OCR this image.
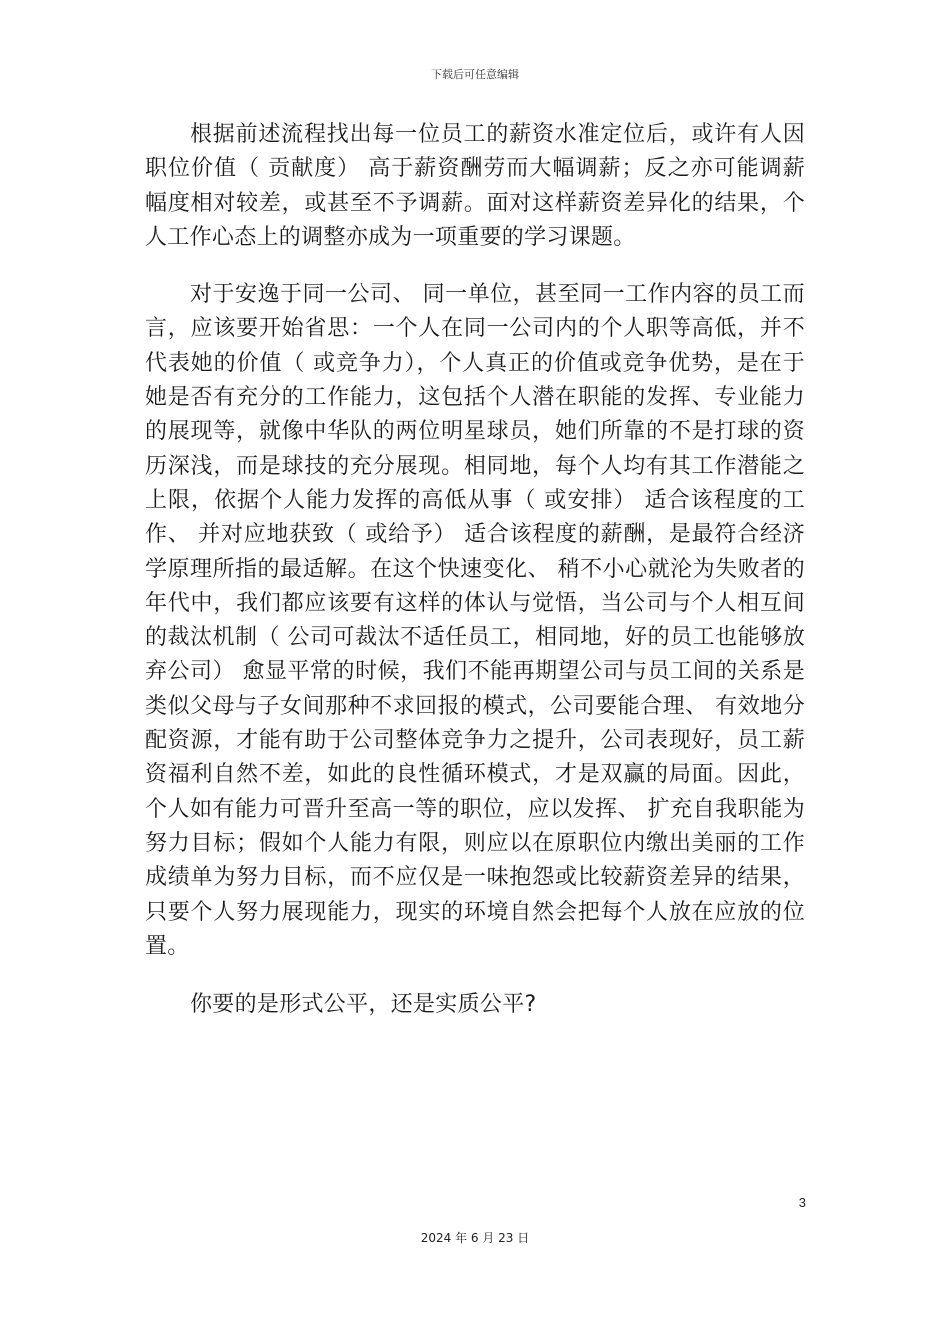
下载后可任意编辑

根据前述流程找出每一位员工的薪资水准定位后，或许有人因职位价值（ 贡献度） 高于薪资酬劳而大幅调薪；反之亦可能调薪幅度相对较差，或甚至不予调薪。面对这样薪资差异化的结果，个人工作心态上的调整亦成为一项重要的学习课题。

对于安逸于同一公司、 同一单位，甚至同一工作内容的员工而言，应该要开始省思：一个人在同一公司内的个人职等高低，并不代表她的价值（ 或竞争力），个人真正的价值或竞争优势，是在于她是否有充分的工作能力，这包括个人潜在职能的发挥、专业能力的展现等，就像中华队的两位明星球员，她们所靠的不是打球的资历深浅，而是球技的充分展现。相同地，每个人均有其工作潜能之上限，依据个人能力发挥的高低从事（ 或安排） 适合该程度的工作、 并对应地获致（ 或给予） 适合该程度的薪酬，是最符合经济学原理所指的最适解。在这个快速变化、 稍不小心就沦为失败者的年代中，我们都应该要有这样的体认与觉悟，当公司与个人相互间的裁汰机制（ 公司可裁汰不适任员工，相同地，好的员工也能够放弃公司） 愈显平常的时候，我们不能再期望公司与员工间的关系是类似父母与子女间那种不求回报的模式，公司要能合理、 有效地分配资源，才能有助于公司整体竞争力之提升，公司表现好，员工薪资福利自然不差，如此的良性循环模式，才是双赢的局面。因此，个人如有能力可晋升至高一等的职位，应以发挥、 扩充自我职能为努力目标；假如个人能力有限，则应以在原职位内缴出美丽的工作成绩单为努力目标，而不应仅是一味抱怨或比较薪资差异的结果，只要个人努力展现能力，现实的环境自然会把每个人放在应放的位置。

你要的是形式公平，还是实质公平?

3
2024 年 6 月 23 日
